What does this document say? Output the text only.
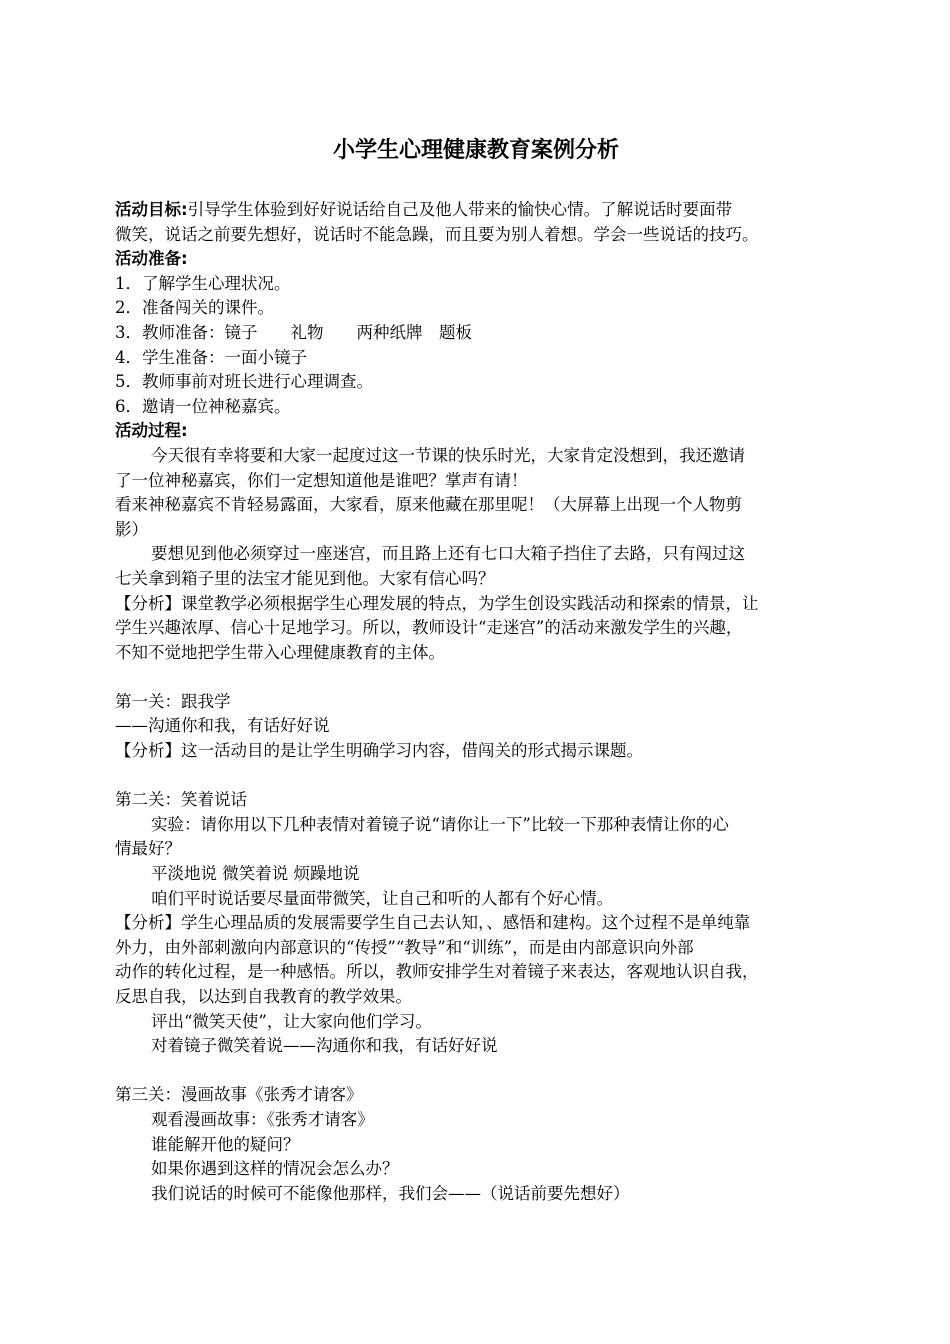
小学生心理健康教育案例分析

活动目标:引导学生体验到好好说话给自己及他人带来的愉快心情。了解说话时要面带

微笑，说话之前要先想好，说话时不能急躁，而且要为别人着想。学会一些说话的技巧。

活动准备:

1．了解学生心理状况。

2．准备闯关的课件。

3．教师准备：镜子　　礼物　　两种纸牌　题板

4．学生准备：一面小镜子

5．教师事前对班长进行心理调查。

6．邀请一位神秘嘉宾。

活动过程:

今天很有幸将要和大家一起度过这一节课的快乐时光，大家肯定没想到，我还邀请

了一位神秘嘉宾，你们一定想知道他是谁吧？掌声有请！

看来神秘嘉宾不肯轻易露面，大家看，原来他藏在那里呢！（大屏幕上出现一个人物剪

影）

要想见到他必须穿过一座迷宫，而且路上还有七口大箱子挡住了去路，只有闯过这

七关拿到箱子里的法宝才能见到他。大家有信心吗？

【分析】课堂教学必须根据学生心理发展的特点，为学生创设实践活动和探索的情景，让

学生兴趣浓厚、信心十足地学习。所以，教师设计“走迷宫”的活动来激发学生的兴趣，

不知不觉地把学生带入心理健康教育的主体。

第一关：跟我学

——沟通你和我，有话好好说

【分析】这一活动目的是让学生明确学习内容，借闯关的形式揭示课题。

第二关：笑着说话

实验：请你用以下几种表情对着镜子说“请你让一下”比较一下那种表情让你的心

情最好？

平淡地说 微笑着说 烦躁地说

咱们平时说话要尽量面带微笑，让自己和听的人都有个好心情。

【分析】学生心理品质的发展需要学生自己去认知，、感悟和建构。这个过程不是单纯靠

外力，由外部刺激向内部意识的“传授”“教导”和“训练”，而是由内部意识向外部

动作的转化过程，是一种感悟。所以，教师安排学生对着镜子来表达，客观地认识自我，

反思自我，以达到自我教育的教学效果。

评出“微笑天使”，让大家向他们学习。

对着镜子微笑着说——沟通你和我，有话好好说

第三关：漫画故事《张秀才请客》

观看漫画故事：《张秀才请客》

谁能解开他的疑问？

如果你遇到这样的情况会怎么办？

我们说话的时候可不能像他那样，我们会——（说话前要先想好）
